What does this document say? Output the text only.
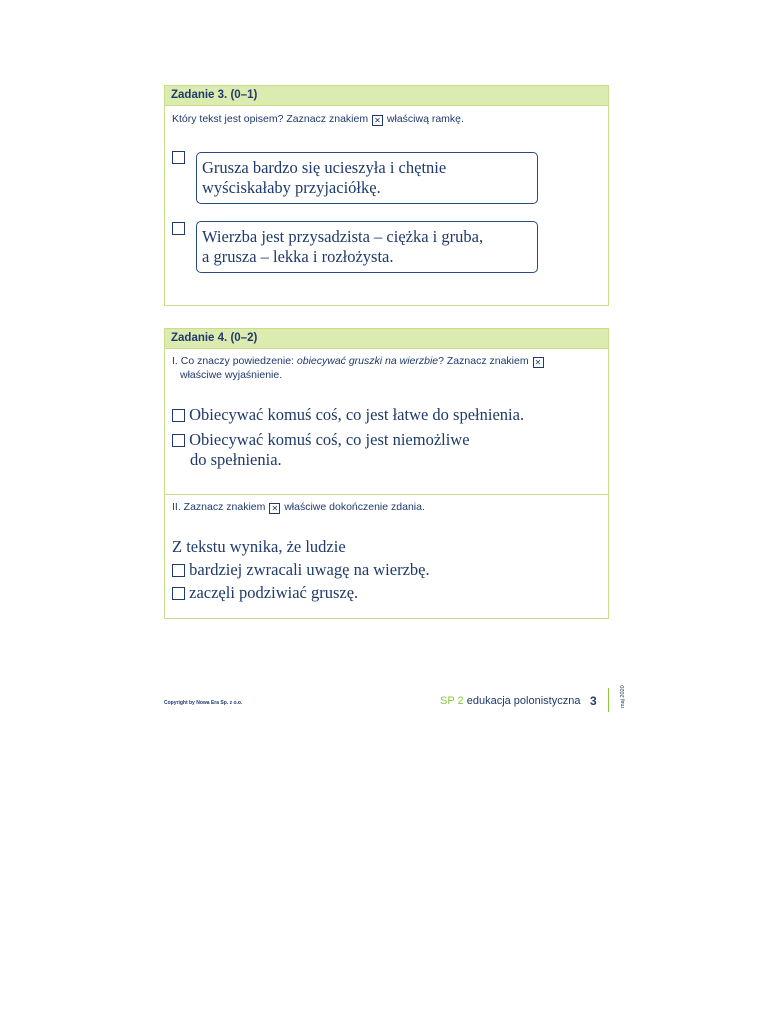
Zadanie 3. (0–1)
Który tekst jest opisem? Zaznacz znakiem ✕ właściwą ramkę.
Grusza bardzo się ucieszyła i chętnie
wyściskałaby przyjaciółkę.
Wierzba jest przysadzista – ciężka i gruba,
a grusza – lekka i rozłożysta.
Zadanie 4. (0–2)
I. Co znaczy powiedzenie: obiecywać gruszki na wierzbie? Zaznacz znakiem ✕
właściwe wyjaśnienie.
Obiecywać komuś coś, co jest łatwe do spełnienia.
Obiecywać komuś coś, co jest niemożliwe
do spełnienia.
II. Zaznacz znakiem ✕ właściwe dokończenie zdania.
Z tekstu wynika, że ludzie
bardziej zwracali uwagę na wierzbę.
zaczęli podziwiać gruszę.
Copyright by Nowa Era Sp. z o.o.	SP 2 edukacja polonistyczna 3	maj 2020
